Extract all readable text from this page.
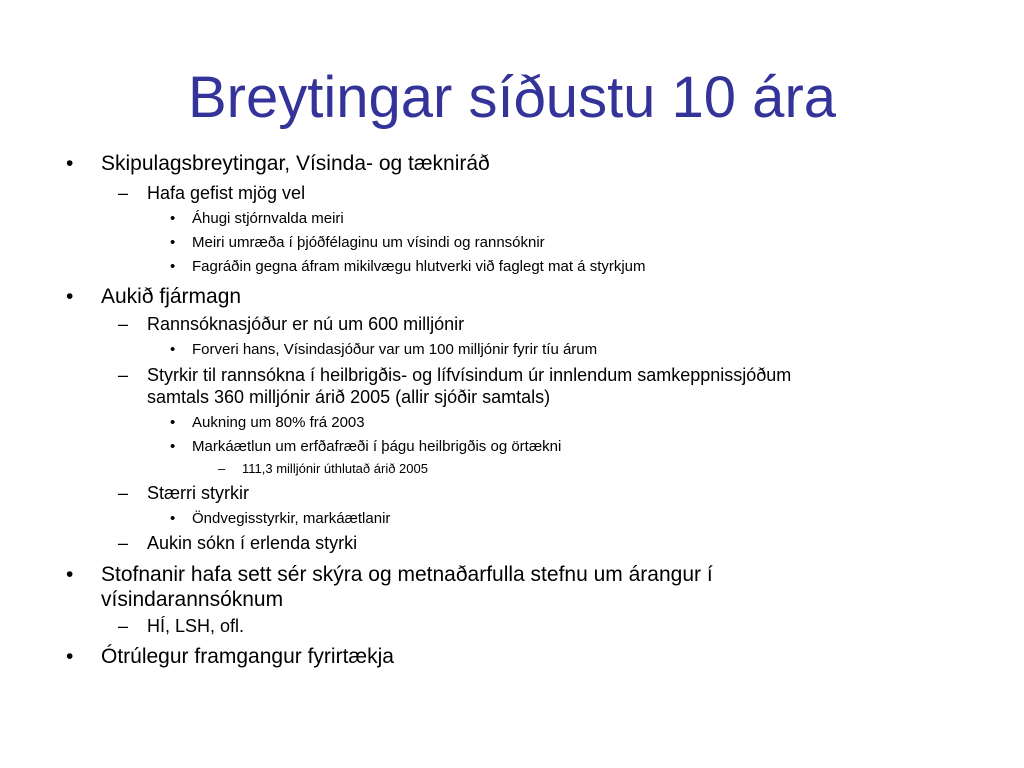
Breytingar síðustu 10 ára
• Skipulagsbreytingar, Vísinda- og tækniráð
– Hafa gefist mjög vel
• Áhugi stjórnvalda meiri
• Meiri umræða í þjóðfélaginu um vísindi og rannsóknir
• Fagráðin gegna áfram mikilvægu hlutverki við faglegt mat á styrkjum
• Aukið fjármagn
– Rannsóknasjóður er nú um 600 milljónir
• Forveri hans, Vísindasjóður var um 100 milljónir fyrir tíu árum
– Styrkir til rannsókna í heilbrigðis- og lífvísindum úr innlendum samkeppnissjóðum
samtals 360 milljónir árið 2005 (allir sjóðir samtals)
• Aukning um 80% frá 2003
• Markáætlun um erfðafræði í þágu heilbrigðis og örtækni
– 111,3 milljónir úthlutað árið 2005
– Stærri styrkir
• Öndvegisstyrkir, markáætlanir
– Aukin sókn í erlenda styrki
• Stofnanir hafa sett sér skýra og metnaðarfulla stefnu um árangur í
vísindarannsóknum
– HÍ, LSH, ofl.
• Ótrúlegur framgangur fyrirtækja
